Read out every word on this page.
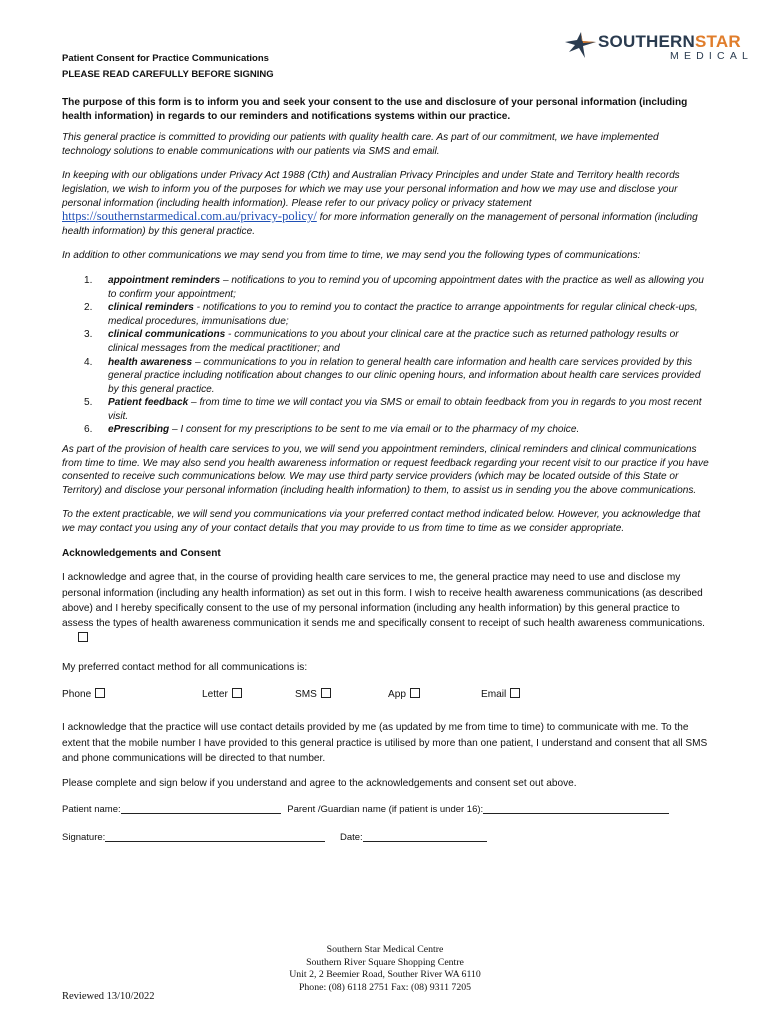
Patient Consent for Practice Communications
PLEASE READ CAREFULLY BEFORE SIGNING
SOUTHERNSTAR
MEDICAL

The purpose of this form is to inform you and seek your consent to the use and disclosure of your personal information (including health information) in regards to our reminders and notifications systems within our practice.

This general practice is committed to providing our patients with quality health care. As part of our commitment, we have implemented technology solutions to enable communications with our patients via SMS and email.

In keeping with our obligations under Privacy Act 1988 (Cth) and Australian Privacy Principles and under State and Territory health records legislation, we wish to inform you of the purposes for which we may use your personal information and how we may use and disclose your personal information (including health information). Please refer to our privacy policy or privacy statement https://southernstarmedical.com.au/privacy-policy/ for more information generally on the management of personal information (including health information) by this general practice.

In addition to other communications we may send you from time to time, we may send you the following types of communications:

1. appointment reminders – notifications to you to remind you of upcoming appointment dates with the practice as well as allowing you to confirm your appointment;
2. clinical reminders - notifications to you to remind you to contact the practice to arrange appointments for regular clinical check-ups, medical procedures, immunisations due;
3. clinical communications - communications to you about your clinical care at the practice such as returned pathology results or clinical messages from the medical practitioner; and
4. health awareness – communications to you in relation to general health care information and health care services provided by this general practice including notification about changes to our clinic opening hours, and information about health care services provided by this general practice.
5. Patient feedback – from time to time we will contact you via SMS or email to obtain feedback from you in regards to you most recent visit.
6. ePrescribing – I consent for my prescriptions to be sent to me via email or to the pharmacy of my choice.

As part of the provision of health care services to you, we will send you appointment reminders, clinical reminders and clinical communications from time to time. We may also send you health awareness information or request feedback regarding your recent visit to our practice if you have consented to receive such communications below. We may use third party service providers (which may be located outside of this State or Territory) and disclose your personal information (including health information) to them, to assist us in sending you the above communications.

To the extent practicable, we will send you communications via your preferred contact method indicated below. However, you acknowledge that we may contact you using any of your contact details that you may provide to us from time to time as we consider appropriate.

Acknowledgements and Consent

I acknowledge and agree that, in the course of providing health care services to me, the general practice may need to use and disclose my personal information (including any health information) as set out in this form. I wish to receive health awareness communications (as described above) and I hereby specifically consent to the use of my personal information (including any health information) by this general practice to assess the types of health awareness communication it sends me and specifically consent to receipt of such health awareness communications.

My preferred contact method for all communications is:

Phone	Letter	SMS	App	Email

I acknowledge that the practice will use contact details provided by me (as updated by me from time to time) to communicate with me. To the extent that the mobile number I have provided to this general practice is utilised by more than one patient, I understand and consent that all SMS and phone communications will be directed to that number.

Please complete and sign below if you understand and agree to the acknowledgements and consent set out above.

Patient name:	Parent /Guardian name (if patient is under 16):
Signature:	Date:
Southern Star Medical Centre
Southern River Square Shopping Centre
Unit 2, 2 Beemier Road, Souther River WA 6110
Phone: (08) 6118 2751 Fax: (08) 9311 7205
Reviewed 13/10/2022
